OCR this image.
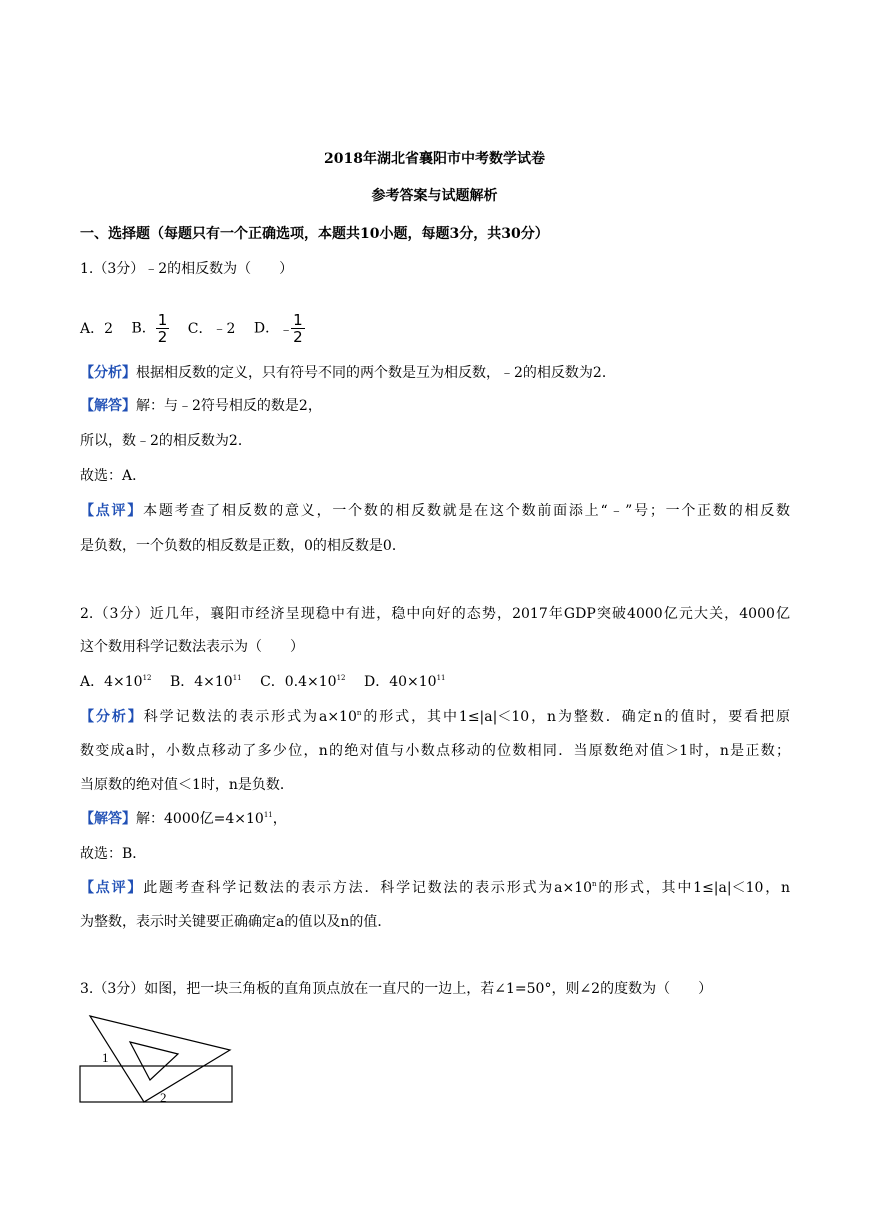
2018年湖北省襄阳市中考数学试卷
参考答案与试题解析
一、选择题（每题只有一个正确选项，本题共10小题，每题3分，共30分）
1.（3分）﹣2的相反数为（　　）
A．2 B． $\frac{1}{2}$ C．﹣2 D．﹣
$\frac{1}{2}$
【分析】根据相反数的定义，只有符号不同的两个数是互为相反数，﹣2的相反数为2．
【解答】解：与﹣2符号相反的数是2，
所以，数﹣2的相反数为2．
故选：A．
【点评】本题考查了相反数的意义，一个数的相反数就是在这个数前面添上“﹣”号；一个正数的相反数
是负数，一个负数的相反数是正数，0的相反数是0．
2.（3分）近几年，襄阳市经济呈现稳中有进，稳中向好的态势，2017年GDP突破4000亿元大关，4000亿
这个数用科学记数法表示为（　　）
A．$4\times 10^{12}$ B．$4\times 10^{11}$ C．$0.4\times 10^{12}$ D．$40\times 10^{11}$
【分析】科学记数法的表示形式为$a\times 10^n$的形式，其中1≤|a|＜10，n为整数．确定n的值时，要看把原
数变成a时，小数点移动了多少位，n的绝对值与小数点移动的位数相同．当原数绝对值＞1时，n是正数；
当原数的绝对值＜1时，n是负数．
【解答】解：4000亿$=4\times 10^{11}$，
故选：B．
【点评】此题考查科学记数法的表示方法．科学记数法的表示形式为$a\times 10^n$的形式，其中1≤|a|＜10，n
为整数，表示时关键要正确确定a的值以及n的值．
3.（3分）如图，把一块三角板的直角顶点放在一直尺的一边上，若∠1=50°，则∠2的度数为（　　）
1
2
